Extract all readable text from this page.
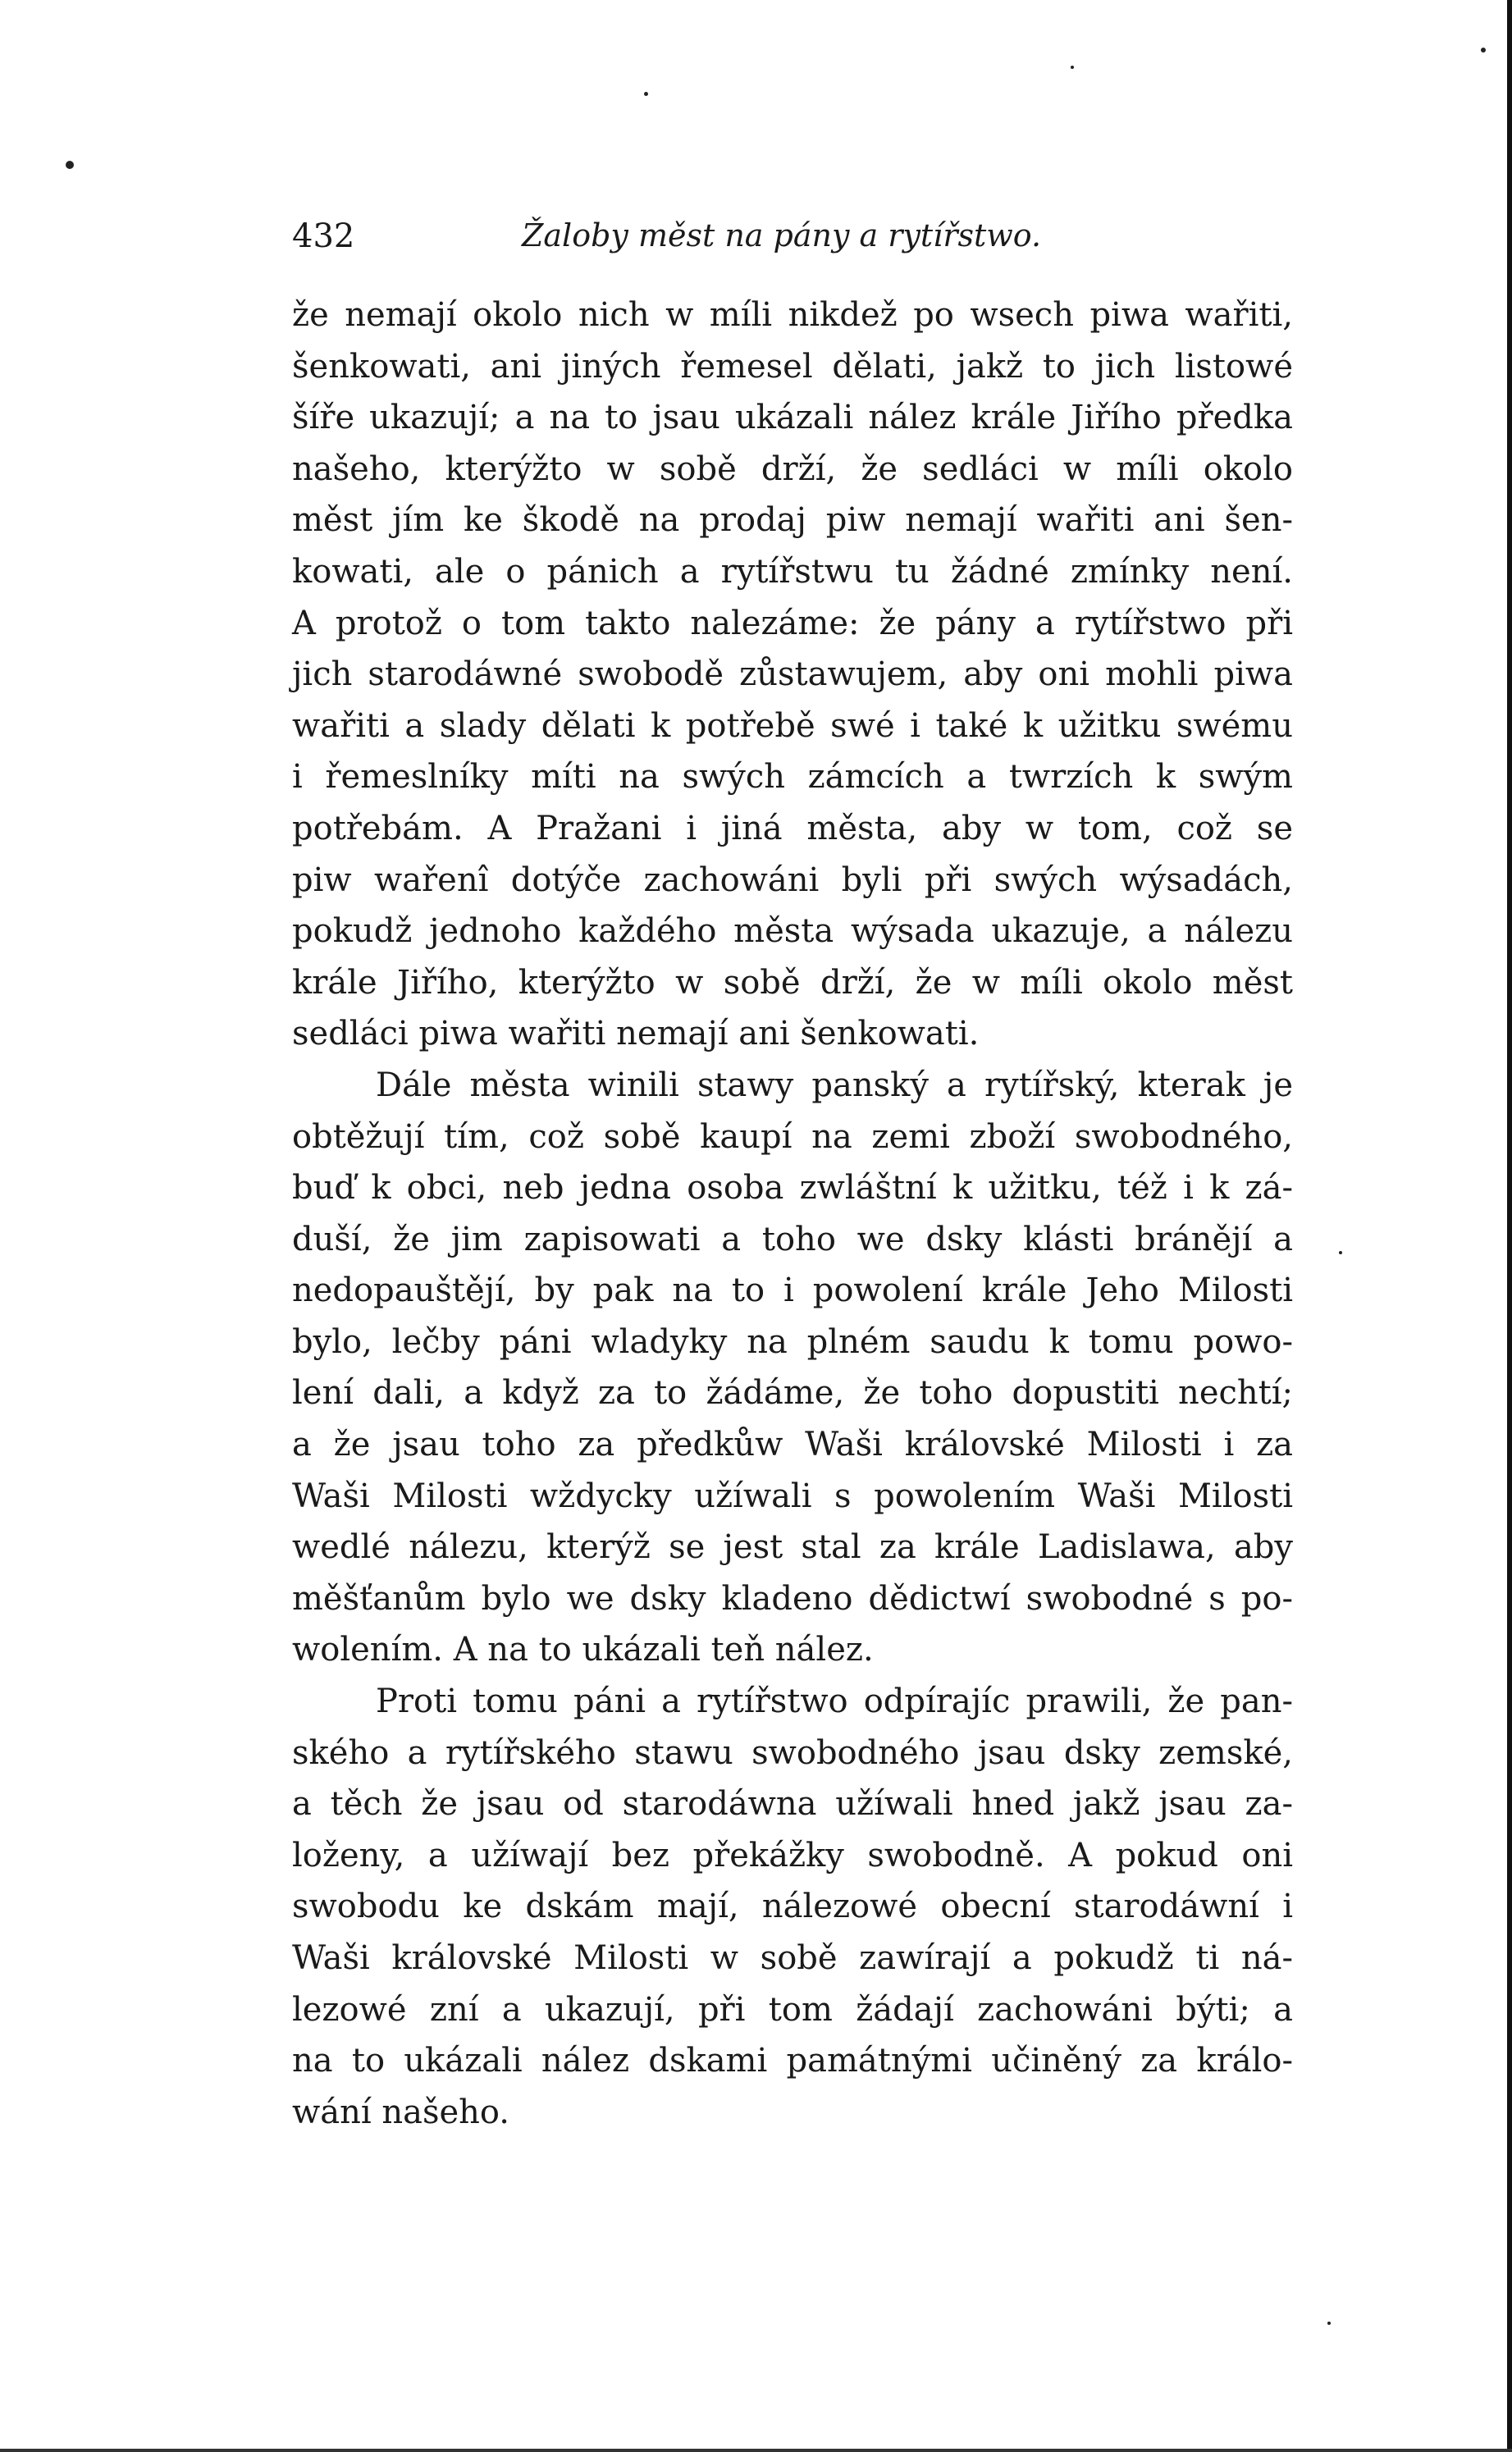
432	Žaloby měst na pány a rytířstwo.
že nemají okolo nich w míli nikdež po wsech piwa wařiti,
šenkowati, ani jiných řemesel dělati, jakž to jich listowé
šíře ukazují; a na to jsau ukázali nález krále Jiřího předka
našeho, kterýžto w sobě drží, že sedláci w míli okolo
měst jím ke škodě na prodaj piw nemají wařiti ani šen-
kowati, ale o pánich a rytířstwu tu žádné zmínky není.
A protož o tom takto nalezáme: že pány a rytířstwo při
jich starodáwné swobodě zůstawujem, aby oni mohli piwa
wařiti a slady dělati k potřebě swé i také k užitku swému
i řemeslníky míti na swých zámcích a twrzích k swým
potřebám. A Pražani i jiná města, aby w tom, což se
piw wařenî dotýče zachowáni byli při swých wýsadách,
pokudž jednoho každého města wýsada ukazuje, a nálezu
krále Jiřího, kterýžto w sobě drží, že w míli okolo měst
sedláci piwa wařiti nemají ani šenkowati.
Dále města winili stawy panský a rytířský, kterak je
obtěžují tím, což sobě kaupí na zemi zboží swobodného,
buď k obci, neb jedna osoba zwláštní k užitku, též i k zá-
duší, že jim zapisowati a toho we dsky klásti bránějí a
nedopauštějí, by pak na to i powolení krále Jeho Milosti
bylo, lečby páni wladyky na plném saudu k tomu powo-
lení dali, a když za to žádáme, že toho dopustiti nechtí;
a že jsau toho za předkůw Waši královské Milosti i za
Waši Milosti wždycky užíwali s powolením Waši Milosti
wedlé nálezu, kterýž se jest stal za krále Ladislawa, aby
měšťanům bylo we dsky kladeno dědictwí swobodné s po-
wolením. A na to ukázali teň nález.
Proti tomu páni a rytířstwo odpírajíc prawili, že pan-
ského a rytířského stawu swobodného jsau dsky zemské,
a těch že jsau od starodáwna užíwali hned jakž jsau za-
loženy, a užíwají bez překážky swobodně. A pokud oni
swobodu ke dskám mají, nálezowé obecní starodáwní i
Waši královské Milosti w sobě zawírají a pokudž ti ná-
lezowé zní a ukazují, při tom žádají zachowáni býti; a
na to ukázali nález dskami památnými učiněný za králo-
wání našeho.
